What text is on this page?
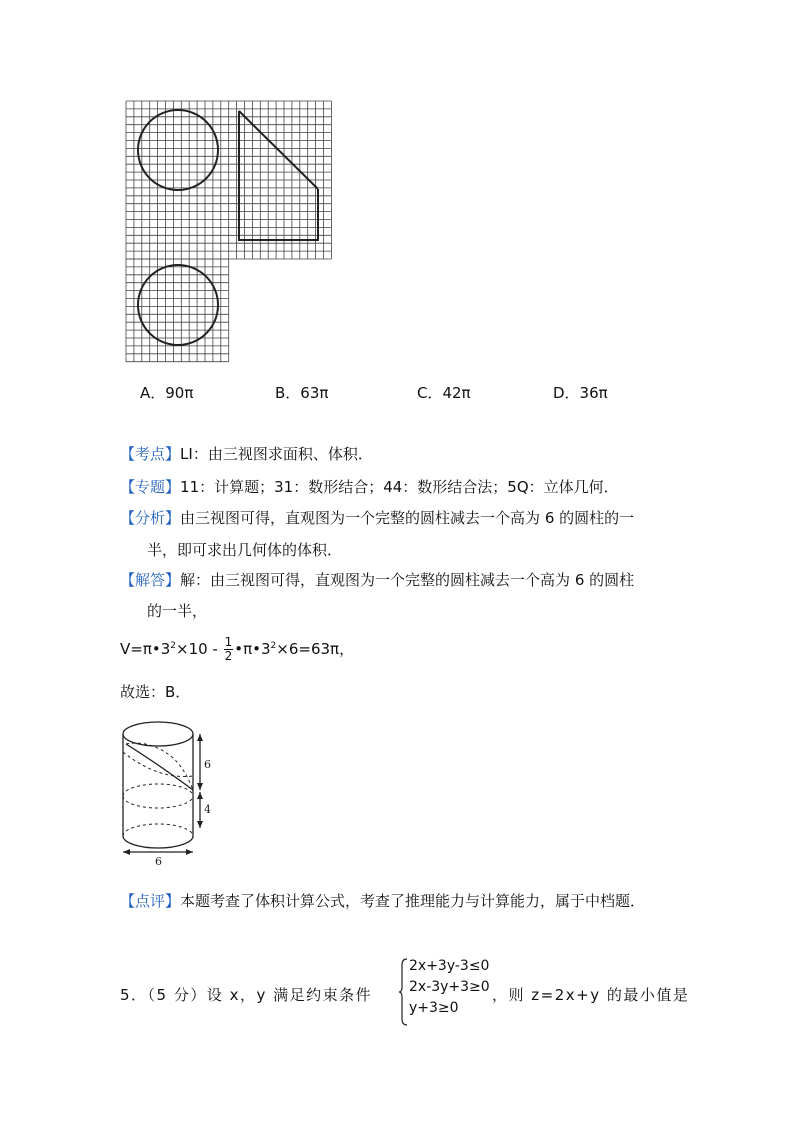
A．90π	B．63π	C．42π	D．36π
【考点】LI：由三视图求面积、体积．
【专题】11：计算题；31：数形结合；44：数形结合法；5Q：立体几何．
【分析】由三视图可得，直观图为一个完整的圆柱减去一个高为 6 的圆柱的一
半，即可求出几何体的体积．
【解答】解：由三视图可得，直观图为一个完整的圆柱减去一个高为 6 的圆柱
的一半，
$V=\pi•3^2\times 10 - \frac{1}{2}$ $•\pi•3^2\times 6=63\pi$，
故选：B．
6
4
6
【点评】本题考查了体积计算公式，考查了推理能力与计算能力，属于中档题．
5．（5 分）设 x，y 满足约束条件
2x+3y-3≤0
2x-3y+3≥0
y+3≥0
，则 z=2x+y 的最小值是
